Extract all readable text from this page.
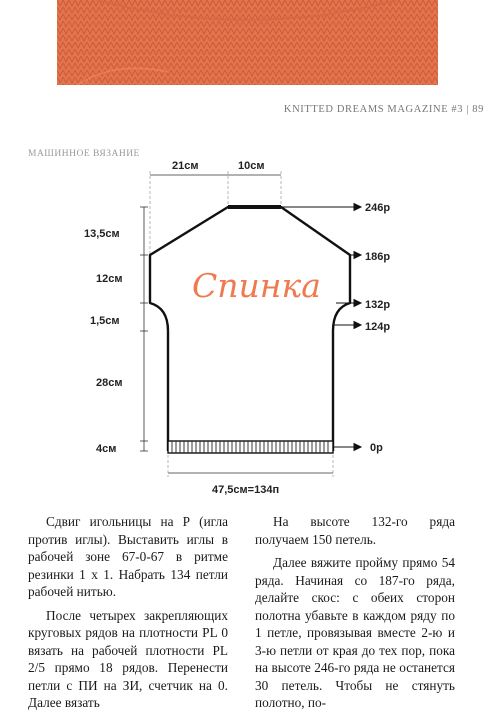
KNITTED DREAMS MAGAZINE #3 | 89
МАШИННОЕ ВЯЗАНИЕ
21см	10см
13,5см
12см
1,5см
28см
4см
Спинка
246р
186р
132р
124р
0р
47,5см=134п

Сдвиг игольницы на Р (игла против иглы). Выставить иглы в рабочей зоне 67-0-67 в ритме резинки 1 х 1. Набрать 134 петли рабочей нитью.

После четырех закрепляющих круговых рядов на плотности PL 0 вязать на рабочей плотности PL 2/5 прямо 18 рядов. Перенести петли с ПИ на ЗИ, счетчик на 0. Далее вязать

На высоте 132-го ряда получаем 150 петель.

Далее вяжите пройму прямо 54 ряда. Начиная со 187-го ряда, делайте скос: с обеих сторон полотна убавьте в каждом ряду по 1 петле, провязывая вместе 2-ю и 3-ю петли от края до тех пор, пока на высоте 246-го ряда не останется 30 петель. Чтобы не стянуть полотно, по-
